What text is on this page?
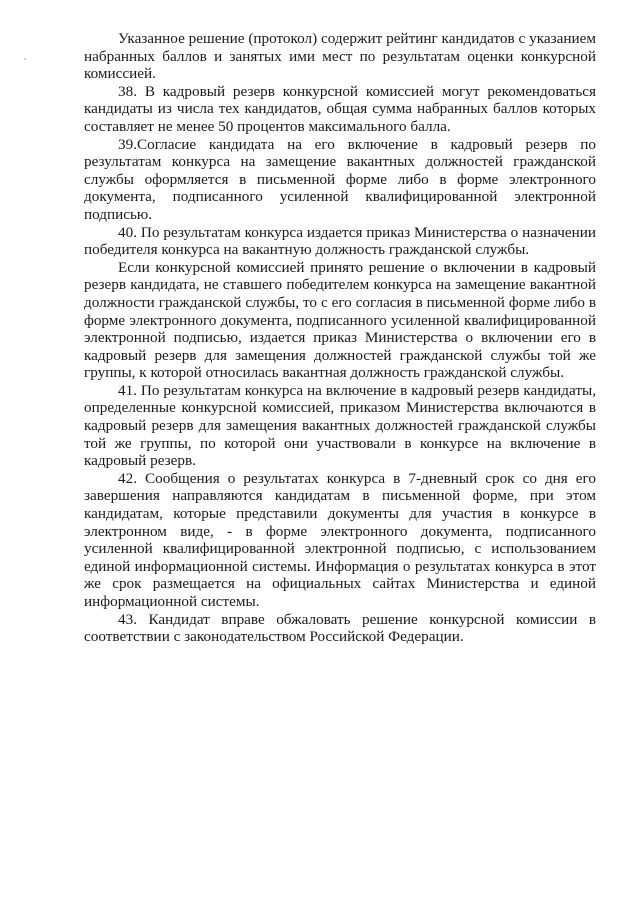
Указанное решение (протокол) содержит рейтинг кандидатов с указанием набранных баллов и занятых ими мест по результатам оценки конкурсной комиссией.

38. В кадровый резерв конкурсной комиссией могут рекомендоваться кандидаты из числа тех кандидатов, общая сумма набранных баллов которых составляет не менее 50 процентов максимального балла.

39.Согласие кандидата на его включение в кадровый резерв по результатам конкурса на замещение вакантных должностей гражданской службы оформляется в письменной форме либо в форме электронного документа, подписанного усиленной квалифицированной электронной подписью.

40. По результатам конкурса издается приказ Министерства о назначении победителя конкурса на вакантную должность гражданской службы.

Если конкурсной комиссией принято решение о включении в кадровый резерв кандидата, не ставшего победителем конкурса на замещение вакантной должности гражданской службы, то с его согласия в письменной форме либо в форме электронного документа, подписанного усиленной квалифицированной электронной подписью, издается приказ Министерства о включении его в кадровый резерв для замещения должностей гражданской службы той же группы, к которой относилась вакантная должность гражданской службы.

41. По результатам конкурса на включение в кадровый резерв кандидаты, определенные конкурсной комиссией, приказом Министерства включаются в кадровый резерв для замещения вакантных должностей гражданской службы той же группы, по которой они участвовали в конкурсе на включение в кадровый резерв.

42. Сообщения о результатах конкурса в 7-дневный срок со дня его завершения направляются кандидатам в письменной форме, при этом кандидатам, которые представили документы для участия в конкурсе в электронном виде, - в форме электронного документа, подписанного усиленной квалифицированной электронной подписью, с использованием единой информационной системы. Информация о результатах конкурса в этот же срок размещается на официальных сайтах Министерства и единой информационной системы.

43. Кандидат вправе обжаловать решение конкурсной комиссии в соответствии с законодательством Российской Федерации.
